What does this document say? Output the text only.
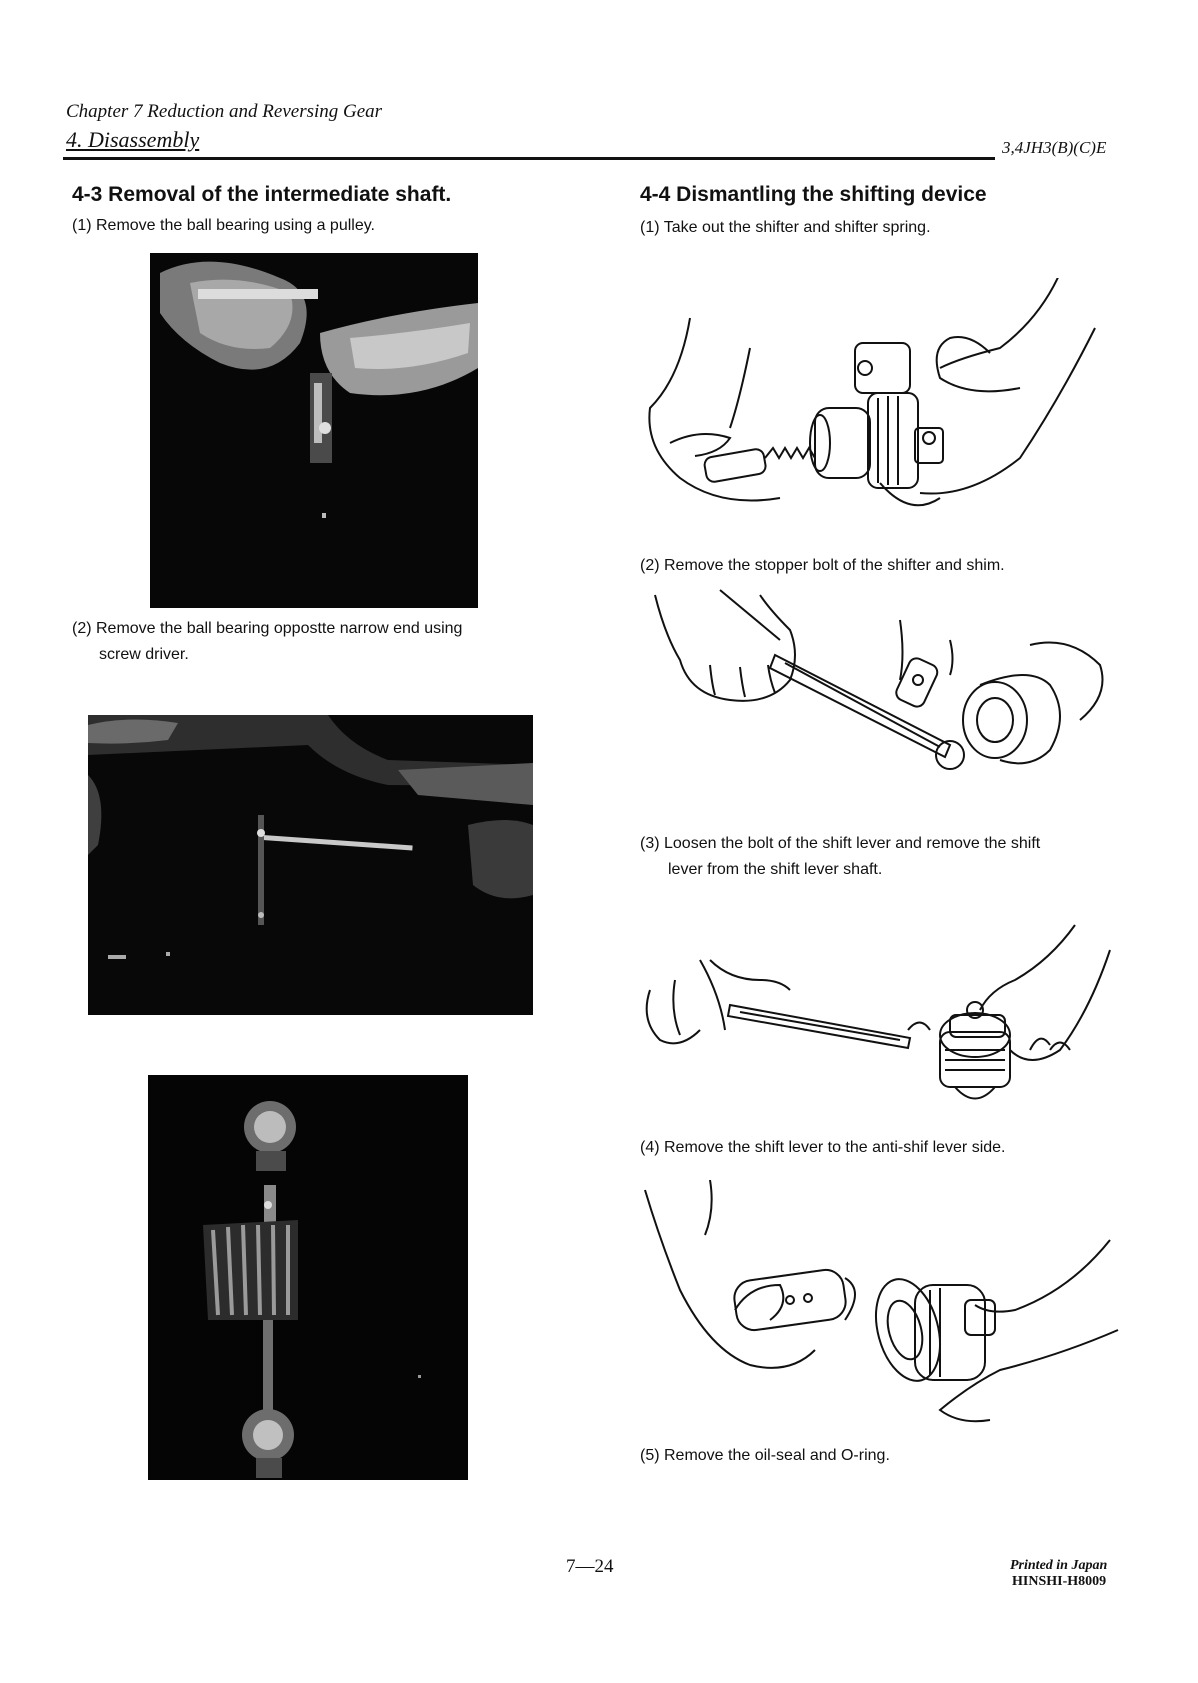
Chapter 7 Reduction and Reversing Gear
4. Disassembly	3,4JH3(B)(C)E
4-3 Removal of the intermediate shaft.
(1) Remove the ball bearing using a pulley.
(2) Remove the ball bearing oppostte narrow end using
screw driver.
4-4 Dismantling the shifting device
(1) Take out the shifter and shifter spring.
(2) Remove the stopper bolt of the shifter and shim.
(3) Loosen the bolt of the shift lever and remove the shift
lever from the shift lever shaft.
(4) Remove the shift lever to the anti-shif lever side.
(5) Remove the oil-seal and O-ring.
7—24	Printed in Japan
HINSHI-H8009
